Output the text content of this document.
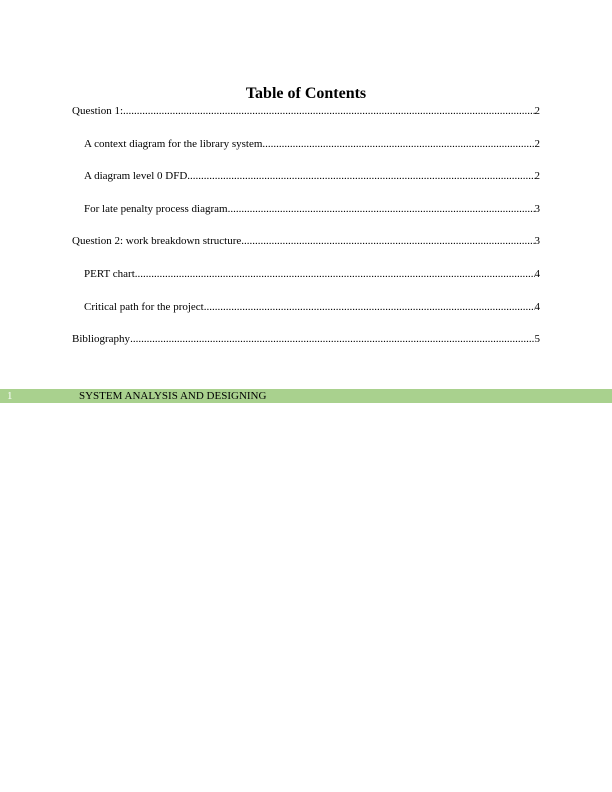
Table of Contents
Question 1: .....	2
A context diagram for the library system .....	2
A diagram level 0 DFD .....	2
For late penalty process diagram .....	3
Question 2: work breakdown structure .....	3
PERT chart .....	4
Critical path for the project .....	4
Bibliography .....	5
1	SYSTEM ANALYSIS AND DESIGNING
